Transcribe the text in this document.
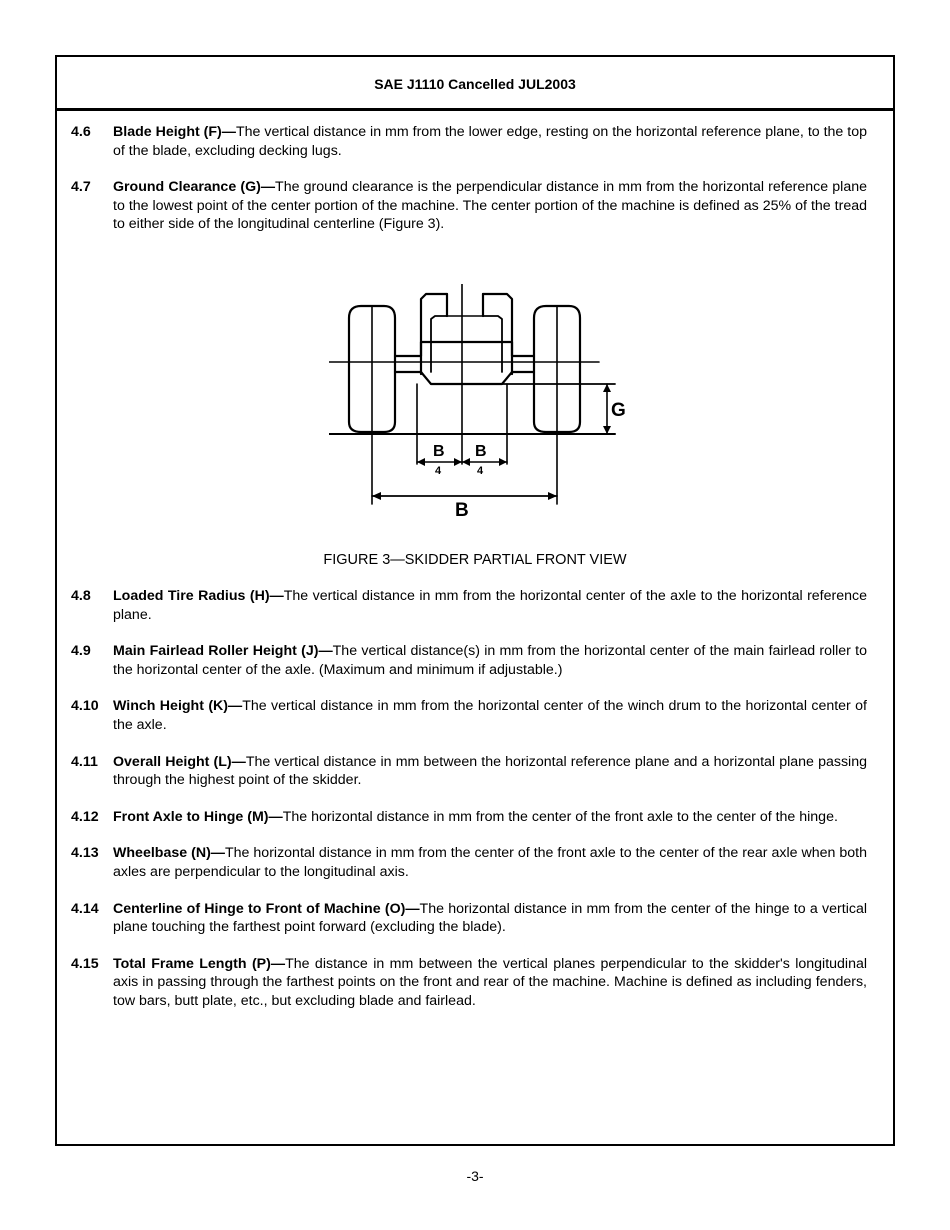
SAE J1110 Cancelled JUL2003
4.6 Blade Height (F)—The vertical distance in mm from the lower edge, resting on the horizontal reference plane, to the top of the blade, excluding decking lugs.
4.7 Ground Clearance (G)—The ground clearance is the perpendicular distance in mm from the horizontal reference plane to the lowest point of the center portion of the machine. The center portion of the machine is defined as 25% of the tread to either side of the longitudinal centerline (Figure 3).
G
B
4
B
4
B
FIGURE 3—SKIDDER PARTIAL FRONT VIEW
4.8 Loaded Tire Radius (H)—The vertical distance in mm from the horizontal center of the axle to the horizontal reference plane.
4.9 Main Fairlead Roller Height (J)—The vertical distance(s) in mm from the horizontal center of the main fairlead roller to the horizontal center of the axle. (Maximum and minimum if adjustable.)
4.10 Winch Height (K)—The vertical distance in mm from the horizontal center of the winch drum to the horizontal center of the axle.
4.11 Overall Height (L)—The vertical distance in mm between the horizontal reference plane and a horizontal plane passing through the highest point of the skidder.
4.12 Front Axle to Hinge (M)—The horizontal distance in mm from the center of the front axle to the center of the hinge.
4.13 Wheelbase (N)—The horizontal distance in mm from the center of the front axle to the center of the rear axle when both axles are perpendicular to the longitudinal axis.
4.14 Centerline of Hinge to Front of Machine (O)—The horizontal distance in mm from the center of the hinge to a vertical plane touching the farthest point forward (excluding the blade).
4.15 Total Frame Length (P)—The distance in mm between the vertical planes perpendicular to the skidder's longitudinal axis in passing through the farthest points on the front and rear of the machine. Machine is defined as including fenders, tow bars, butt plate, etc., but excluding blade and fairlead.
-3-
